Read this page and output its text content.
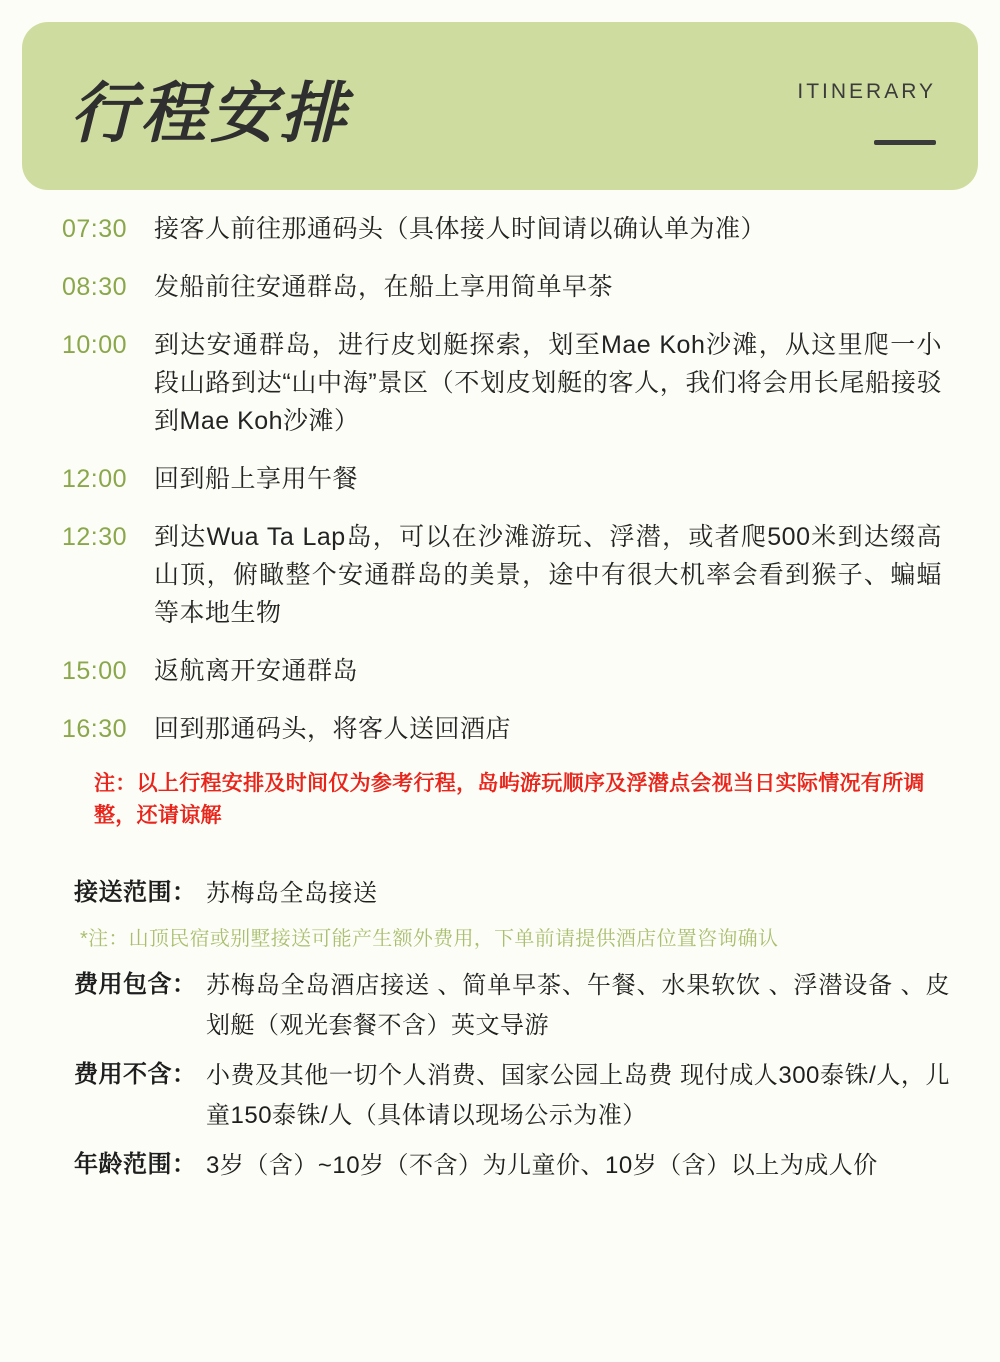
行程安排	ITINERARY
07:30	接客人前往那通码头（具体接人时间请以确认单为准）
08:30	发船前往安通群岛，在船上享用简单早茶
10:00	到达安通群岛，进行皮划艇探索，划至Mae Koh沙滩，从这里爬一小段山路到达“山中海”景区（不划皮划艇的客人，我们将会用长尾船接驳到Mae Koh沙滩）
12:00	回到船上享用午餐
12:30	到达Wua Ta Lap岛，可以在沙滩游玩、浮潜，或者爬500米到达缀高山顶，俯瞰整个安通群岛的美景，途中有很大机率会看到猴子、蝙蝠等本地生物
15:00	返航离开安通群岛
16:30	回到那通码头，将客人送回酒店
注：以上行程安排及时间仅为参考行程，岛屿游玩顺序及浮潜点会视当日实际情况有所调整，还请谅解
接送范围： 苏梅岛全岛接送
*注：山顶民宿或别墅接送可能产生额外费用，下单前请提供酒店位置咨询确认
费用包含： 苏梅岛全岛酒店接送 、简单早茶、午餐、水果软饮 、浮潜设备 、皮划艇（观光套餐不含）英文导游
费用不含： 小费及其他一切个人消费、国家公园上岛费 现付成人300泰铢/人，儿童150泰铢/人（具体请以现场公示为准）
年龄范围： 3岁（含）~10岁（不含）为儿童价、10岁（含）以上为成人价
